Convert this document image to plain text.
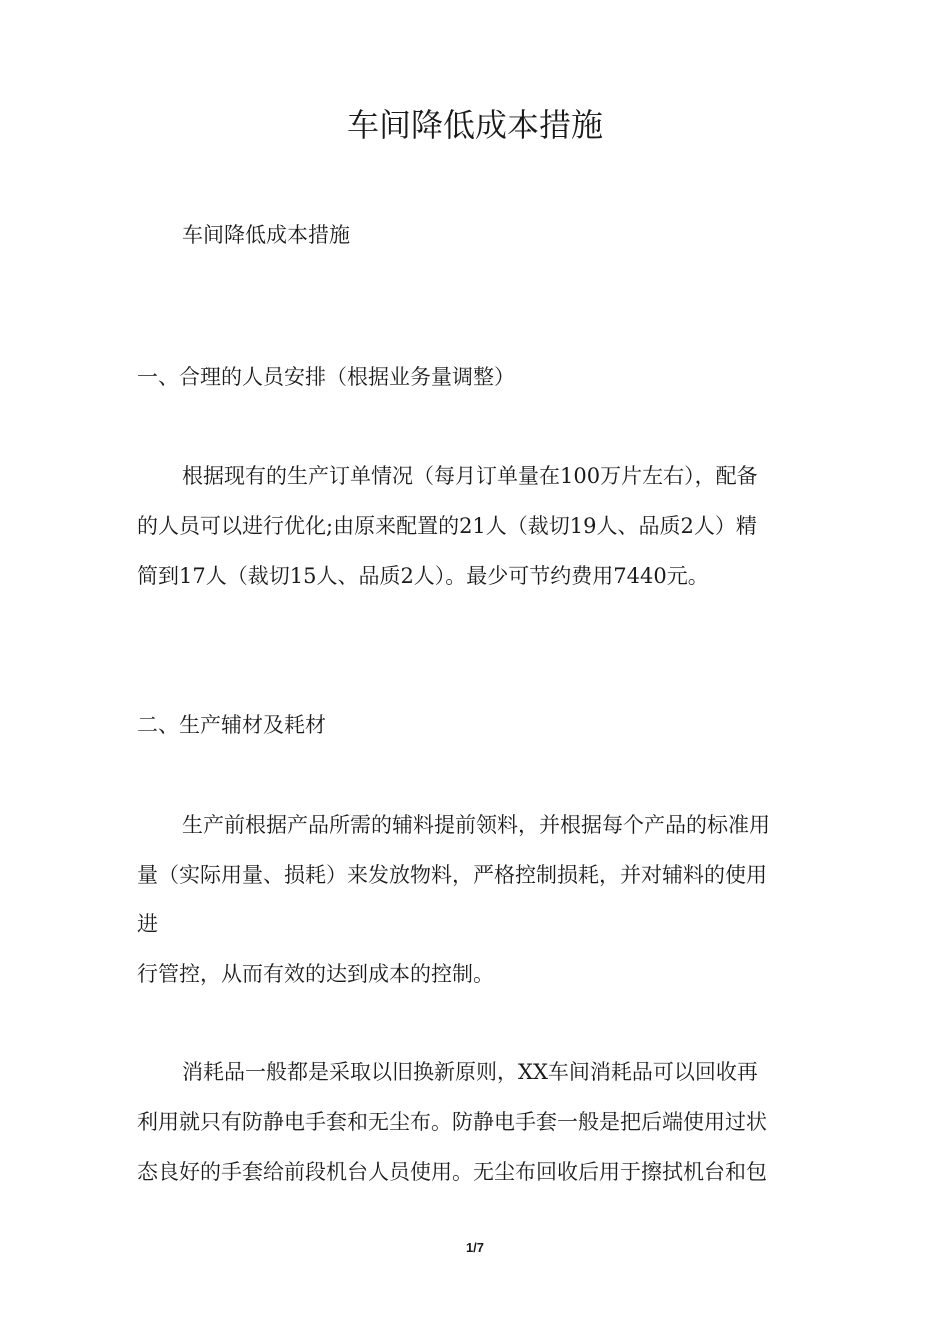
车间降低成本措施
车间降低成本措施
一、合理的人员安排（根据业务量调整）
根据现有的生产订单情况（每月订单量在100万片左右），配备
的人员可以进行优化;由原来配置的21人（裁切19人、品质2人）精
简到17人（裁切15人、品质2人）。最少可节约费用7440元。
二、生产辅材及耗材
生产前根据产品所需的辅料提前领料，并根据每个产品的标准用
量（实际用量、损耗）来发放物料，严格控制损耗，并对辅料的使用
进
行管控，从而有效的达到成本的控制。
消耗品一般都是采取以旧换新原则，XX车间消耗品可以回收再
利用就只有防静电手套和无尘布。防静电手套一般是把后端使用过状
态良好的手套给前段机台人员使用。无尘布回收后用于擦拭机台和包
1/7
